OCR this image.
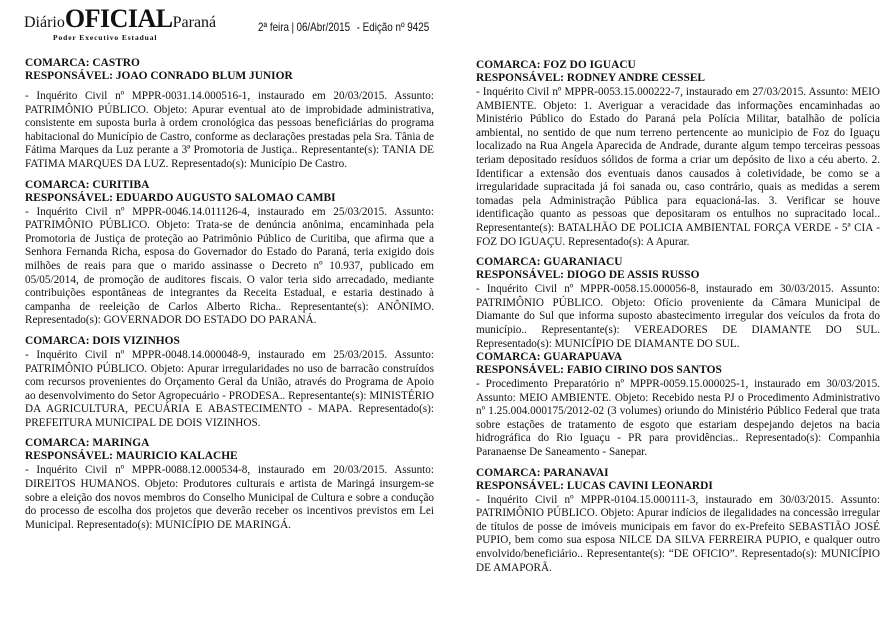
DiárioOFICIALParaná
Poder Executivo Estadual
2ª feira | 06/Abr/2015 - Edição nº 9425
COMARCA: CASTRO
RESPONSÁVEL: JOAO CONRADO BLUM JUNIOR
- Inquérito Civil nº MPPR-0031.14.000516-1, instaurado em 20/03/2015. Assunto: PATRIMÔNIO PÚBLICO. Objeto: Apurar eventual ato de improbidade administrativa, consistente em suposta burla à ordem cronológica das pessoas beneficiárias do programa habitacional do Município de Castro, conforme as declarações prestadas pela Sra. Tânia de Fátima Marques da Luz perante a 3ª Promotoria de Justiça.. Representante(s): TANIA DE FATIMA MARQUES DA LUZ. Representado(s): Município De Castro.
COMARCA: CURITIBA
RESPONSÁVEL: EDUARDO AUGUSTO SALOMAO CAMBI
- Inquérito Civil nº MPPR-0046.14.011126-4, instaurado em 25/03/2015. Assunto: PATRIMÔNIO PÚBLICO. Objeto: Trata-se de denúncia anônima, encaminhada pela Promotoria de Justiça de proteção ao Patrimônio Público de Curitiba, que afirma que a Senhora Fernanda Richa, esposa do Governador do Estado do Paraná, teria exigido dois milhões de reais para que o marido assinasse o Decreto nº 10.937, publicado em 05/05/2014, de promoção de auditores fiscais. O valor teria sido arrecadado, mediante contribuições espontâneas de integrantes da Receita Estadual, e estaria destinado à campanha de reeleição de Carlos Alberto Richa.. Representante(s): ANÔNIMO. Representado(s): GOVERNADOR DO ESTADO DO PARANÁ.
COMARCA: DOIS VIZINHOS
- Inquérito Civil nº MPPR-0048.14.000048-9, instaurado em 25/03/2015. Assunto: PATRIMÔNIO PÚBLICO. Objeto: Apurar irregularidades no uso de barracão construídos com recursos provenientes do Orçamento Geral da União, através do Programa de Apoio ao desenvolvimento do Setor Agropecuário - PRODESA.. Representante(s): MINISTÉRIO DA AGRICULTURA, PECUÁRIA E ABASTECIMENTO - MAPA. Representado(s): PREFEITURA MUNICIPAL DE DOIS VIZINHOS.
COMARCA: MARINGA
RESPONSÁVEL: MAURICIO KALACHE
- Inquérito Civil nº MPPR-0088.12.000534-8, instaurado em 20/03/2015. Assunto: DIREITOS HUMANOS. Objeto: Produtores culturais e artista de Maringá insurgem-se sobre a eleição dos novos membros do Conselho Municipal de Cultura e sobre a condução do processo de escolha dos projetos que deverão receber os incentivos previstos em Lei Municipal. Representado(s): MUNICÍPIO DE MARINGÁ.
COMARCA: FOZ DO IGUACU
RESPONSÁVEL: RODNEY ANDRE CESSEL
- Inquérito Civil nº MPPR-0053.15.000222-7, instaurado em 27/03/2015. Assunto: MEIO AMBIENTE. Objeto: 1. Averiguar a veracidade das informações encaminhadas ao Ministério Público do Estado do Paraná pela Polícia Militar, batalhão de polícia ambiental, no sentido de que num terreno pertencente ao municipio de Foz do Iguaçu localizado na Rua Angela Aparecida de Andrade, durante algum tempo terceiras pessoas teriam depositado resíduos sólidos de forma a criar um depósito de lixo a céu aberto. 2. Identificar a extensão dos eventuais danos causados à coletividade, be como se a irregularidade supracitada já foi sanada ou, caso contrário, quais as medidas a serem tomadas pela Administração Pública para equacioná-las. 3. Verificar se houve identificação quanto as pessoas que depositaram os entulhos no supracitado local.. Representante(s): BATALHÃO DE POLICIA AMBIENTAL FORÇA VERDE - 5ª CIA - FOZ DO IGUAÇU. Representado(s): A Apurar.
COMARCA: GUARANIACU
RESPONSÁVEL: DIOGO DE ASSIS RUSSO
- Inquérito Civil nº MPPR-0058.15.000056-8, instaurado em 30/03/2015. Assunto: PATRIMÔNIO PÚBLICO. Objeto: Ofício proveniente da Câmara Municipal de Diamante do Sul que informa suposto abastecimento irregular dos veículos da frota do município.. Representante(s): VEREADORES DE DIAMANTE DO SUL. Representado(s): MUNICÍPIO DE DIAMANTE DO SUL.
COMARCA: GUARAPUAVA
RESPONSÁVEL: FABIO CIRINO DOS SANTOS
- Procedimento Preparatório nº MPPR-0059.15.000025-1, instaurado em 30/03/2015. Assunto: MEIO AMBIENTE. Objeto: Recebido nesta PJ o Procedimento Administrativo nº 1.25.004.000175/2012-02 (3 volumes) oriundo do Ministério Público Federal que trata sobre estações de tratamento de esgoto que estariam despejando dejetos na bacia hidrográfica do Rio Iguaçu - PR para providências.. Representado(s): Companhia Paranaense De Saneamento - Sanepar.
COMARCA: PARANAVAI
RESPONSÁVEL: LUCAS CAVINI LEONARDI
- Inquérito Civil nº MPPR-0104.15.000111-3, instaurado em 30/03/2015. Assunto: PATRIMÔNIO PÚBLICO. Objeto: Apurar indícios de ilegalidades na concessão irregular de títulos de posse de imóveis municipais em favor do ex-Prefeito SEBASTIÃO JOSÉ PUPIO, bem como sua esposa NILCE DA SILVA FERREIRA PUPIO, e qualquer outro envolvido/beneficiário.. Representante(s): “DE OFICIO”. Representado(s): MUNICÍPIO DE AMAPORÃ.
